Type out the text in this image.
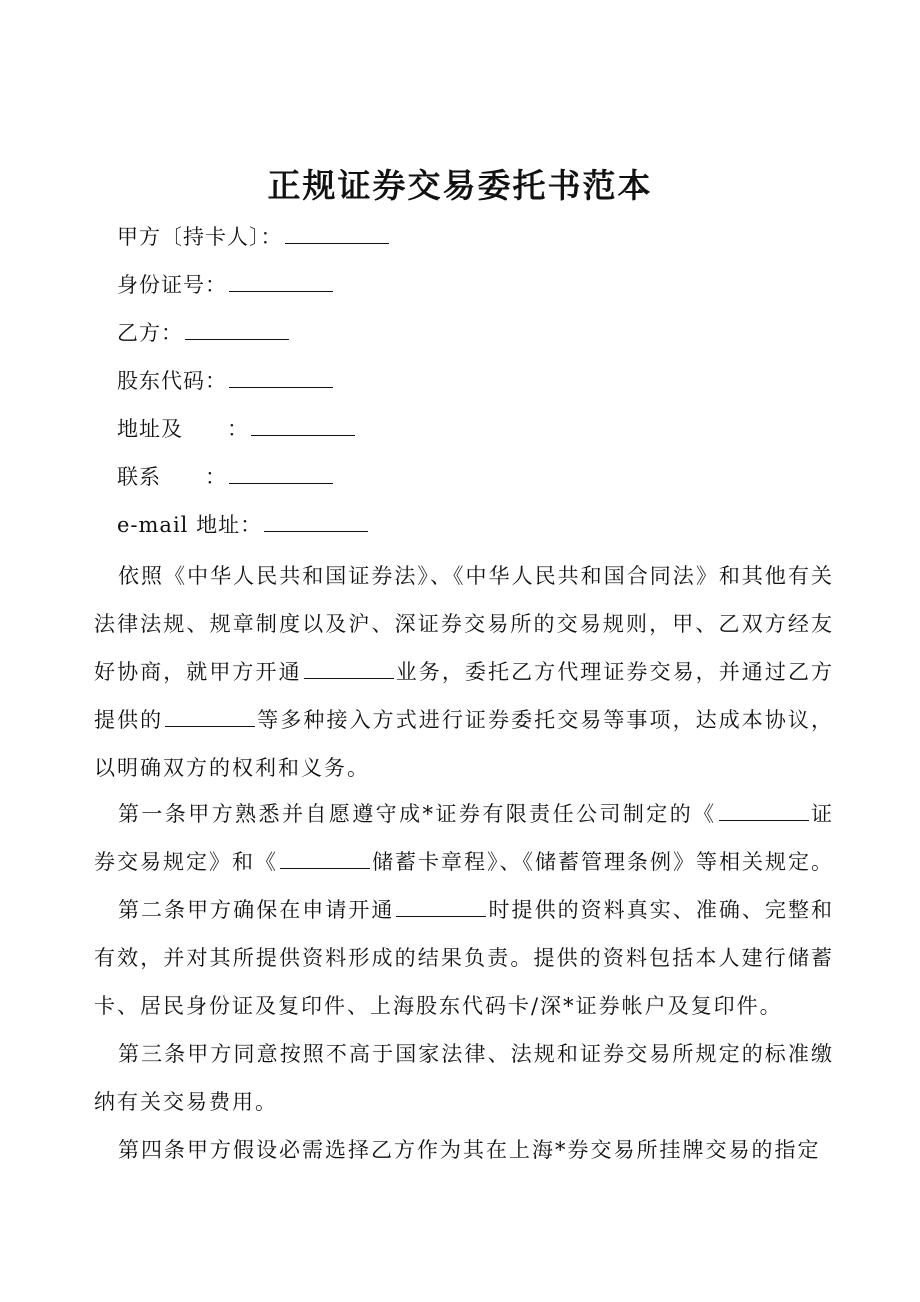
正规证券交易委托书范本
甲方〔持卡人〕：
身份证号：
乙方：
股东代码：
地址及　　：
联系　　：
e-mail 地址：

依照《中华人民共和国证券法》、《中华人民共和国合同法》和其他有关法律法规、规章制度以及沪、深证券交易所的交易规则，甲、乙双方经友好协商，就甲方开通	业务，委托乙方代理证券交易，并通过乙方提供的	等多种接入方式进行证券委托交易等事项，达成本协议，以明确双方的权利和义务。

第一条甲方熟悉并自愿遵守成*证券有限责任公司制定的《	证券交易规定》和《	储蓄卡章程》、《储蓄管理条例》等相关规定。

第二条甲方确保在申请开通	时提供的资料真实、准确、完整和有效，并对其所提供资料形成的结果负责。提供的资料包括本人建行储蓄卡、居民身份证及复印件、上海股东代码卡/深*证券帐户及复印件。

第三条甲方同意按照不高于国家法律、法规和证券交易所规定的标准缴纳有关交易费用。

第四条甲方假设必需选择乙方作为其在上海*券交易所挂牌交易的指定
